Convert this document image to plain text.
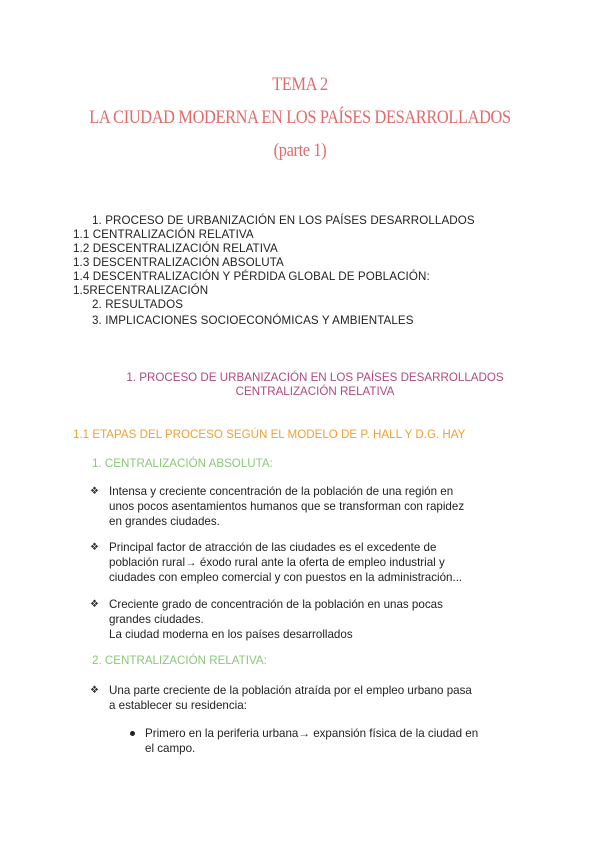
TEMA 2
LA CIUDAD MODERNA EN LOS PAÍSES DESARROLLADOS
(parte 1)
1. PROCESO DE URBANIZACIÓN EN LOS PAÍSES DESARROLLADOS
1.1 CENTRALIZACIÓN RELATIVA
1.2 DESCENTRALIZACIÓN RELATIVA
1.3 DESCENTRALIZACIÓN ABSOLUTA
1.4 DESCENTRALIZACIÓN Y PÉRDIDA GLOBAL DE POBLACIÓN:
1.5RECENTRALIZACIÓN
2. RESULTADOS
3. IMPLICACIONES SOCIOECONÓMICAS Y AMBIENTALES
1. PROCESO DE URBANIZACIÓN EN LOS PAÍSES DESARROLLADOS
CENTRALIZACIÓN RELATIVA
1.1 ETAPAS DEL PROCESO SEGÚN EL MODELO DE P. HALL Y D.G. HAY
1. CENTRALIZACIÓN ABSOLUTA:
❖ Intensa y creciente concentración de la población de una región en
unos pocos asentamientos humanos que se transforman con rapidez
en grandes ciudades.
❖ Principal factor de atracción de las ciudades es el excedente de
población rural→ éxodo rural ante la oferta de empleo industrial y
ciudades con empleo comercial y con puestos en la administración...
❖ Creciente grado de concentración de la población en unas pocas
grandes ciudades.
La ciudad moderna en los países desarrollados
2. CENTRALIZACIÓN RELATIVA:
❖ Una parte creciente de la población atraída por el empleo urbano pasa
a establecer su residencia:
Primero en la periferia urbana→ expansión física de la ciudad en
el campo.
